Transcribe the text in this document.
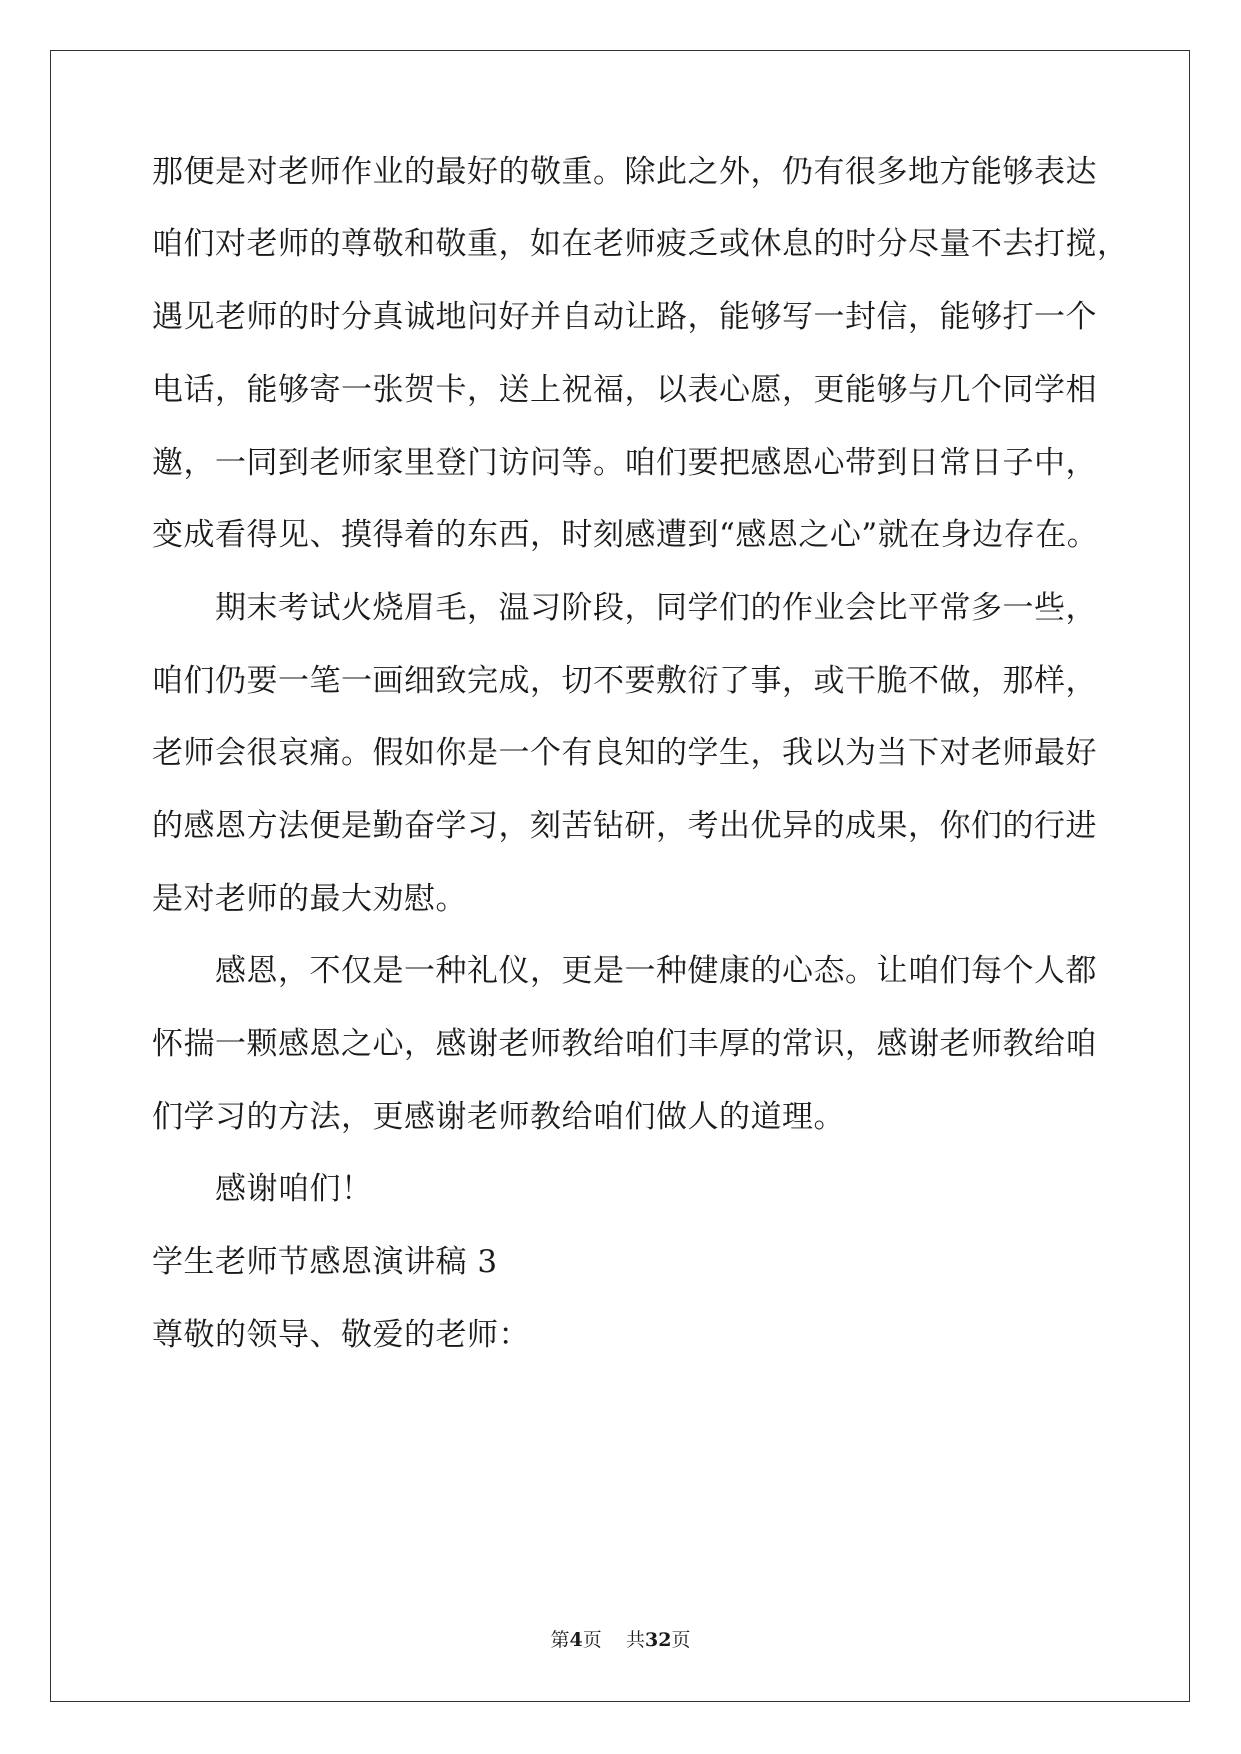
那便是对老师作业的最好的敬重。除此之外，仍有很多地方能够表达
咱们对老师的尊敬和敬重，如在老师疲乏或休息的时分尽量不去打搅，
遇见老师的时分真诚地问好并自动让路，能够写一封信，能够打一个
电话，能够寄一张贺卡，送上祝福，以表心愿，更能够与几个同学相
邀，一同到老师家里登门访问等。咱们要把感恩心带到日常日子中，
变成看得见、摸得着的东西，时刻感遭到“感恩之心”就在身边存在。
　　期末考试火烧眉毛，温习阶段，同学们的作业会比平常多一些，
咱们仍要一笔一画细致完成，切不要敷衍了事，或干脆不做，那样，
老师会很哀痛。假如你是一个有良知的学生，我以为当下对老师最好
的感恩方法便是勤奋学习，刻苦钻研，考出优异的成果，你们的行进
是对老师的最大劝慰。
　　感恩，不仅是一种礼仪，更是一种健康的心态。让咱们每个人都
怀揣一颗感恩之心，感谢老师教给咱们丰厚的常识，感谢老师教给咱
们学习的方法，更感谢老师教给咱们做人的道理。
　　感谢咱们！
学生老师节感恩演讲稿 3
尊敬的领导、敬爱的老师：
第4页 共32页
